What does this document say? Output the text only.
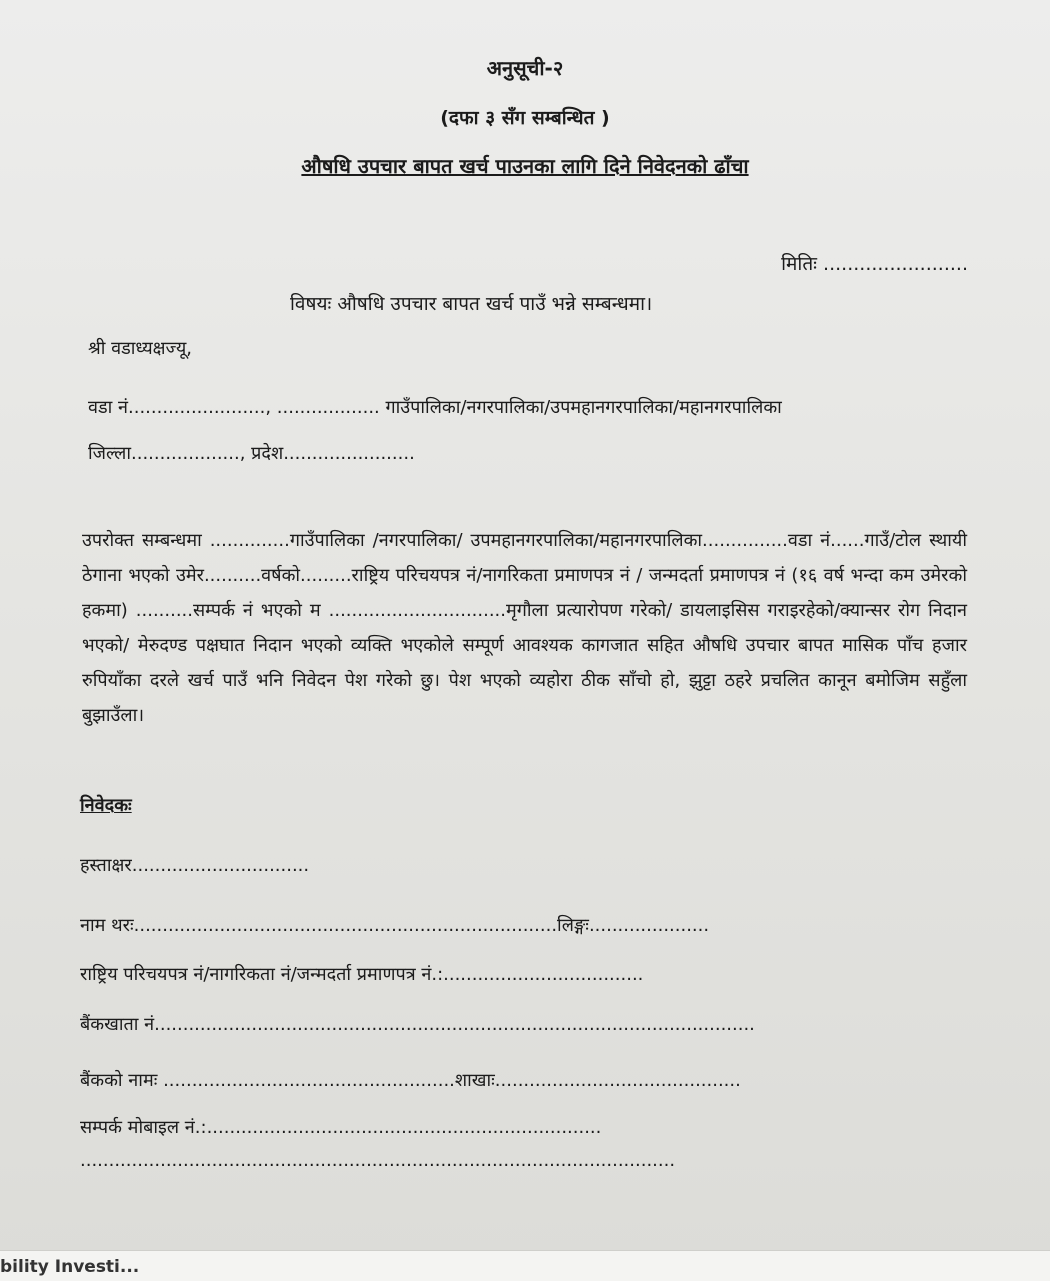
अनुसूची-२
(दफा ३ सँग सम्बन्धित )
औषधि उपचार बापत खर्च पाउनका लागि दिने निवेदनको ढाँचा
मितिः ........................
विषयः औषधि उपचार बापत खर्च पाउँ भन्ने सम्बन्धमा।
श्री वडाध्यक्षज्यू,
वडा नं........................, .................. गाउँपालिका/नगरपालिका/उपमहानगरपालिका/महानगरपालिका
जिल्ला..................., प्रदेश.......................
उपरोक्त सम्बन्धमा ..............गाउँपालिका /नगरपालिका/ उपमहानगरपालिका/महानगरपालिका...............वडा नं......गाउँ/टोल स्थायी ठेगाना भएको उमेर..........वर्षको.........राष्ट्रिय परिचयपत्र नं/नागरिकता प्रमाणपत्र नं / जन्मदर्ता प्रमाणपत्र नं (१६ वर्ष भन्दा कम उमेरको हकमा) ..........सम्पर्क नं भएको म ...............................मृगौला प्रत्यारोपण गरेको/ डायलाइसिस गराइरहेको/क्यान्सर रोग निदान भएको/ मेरुदण्ड पक्षघात निदान भएको व्यक्ति भएकोले सम्पूर्ण आवश्यक कागजात सहित औषधि उपचार बापत मासिक पाँच हजार रुपियाँका दरले खर्च पाउँ भनि निवेदन पेश गरेको छु। पेश भएको व्यहोरा ठीक साँचो हो, झुट्टा ठहरे प्रचलित कानून बमोजिम सहुँला बुझाउँला।
निवेदकः
हस्ताक्षर...............................
नाम थरः..........................................................................लिङ्गः.....................
राष्ट्रिय परिचयपत्र नं/नागरिकता नं/जन्मदर्ता प्रमाणपत्र नं.:...................................
बैंकखाता नं.........................................................................................................
बैंकको नामः ...................................................शाखाः...........................................
सम्पर्क मोबाइल नं.:.....................................................................
........................................................................................................
bility Investi...
